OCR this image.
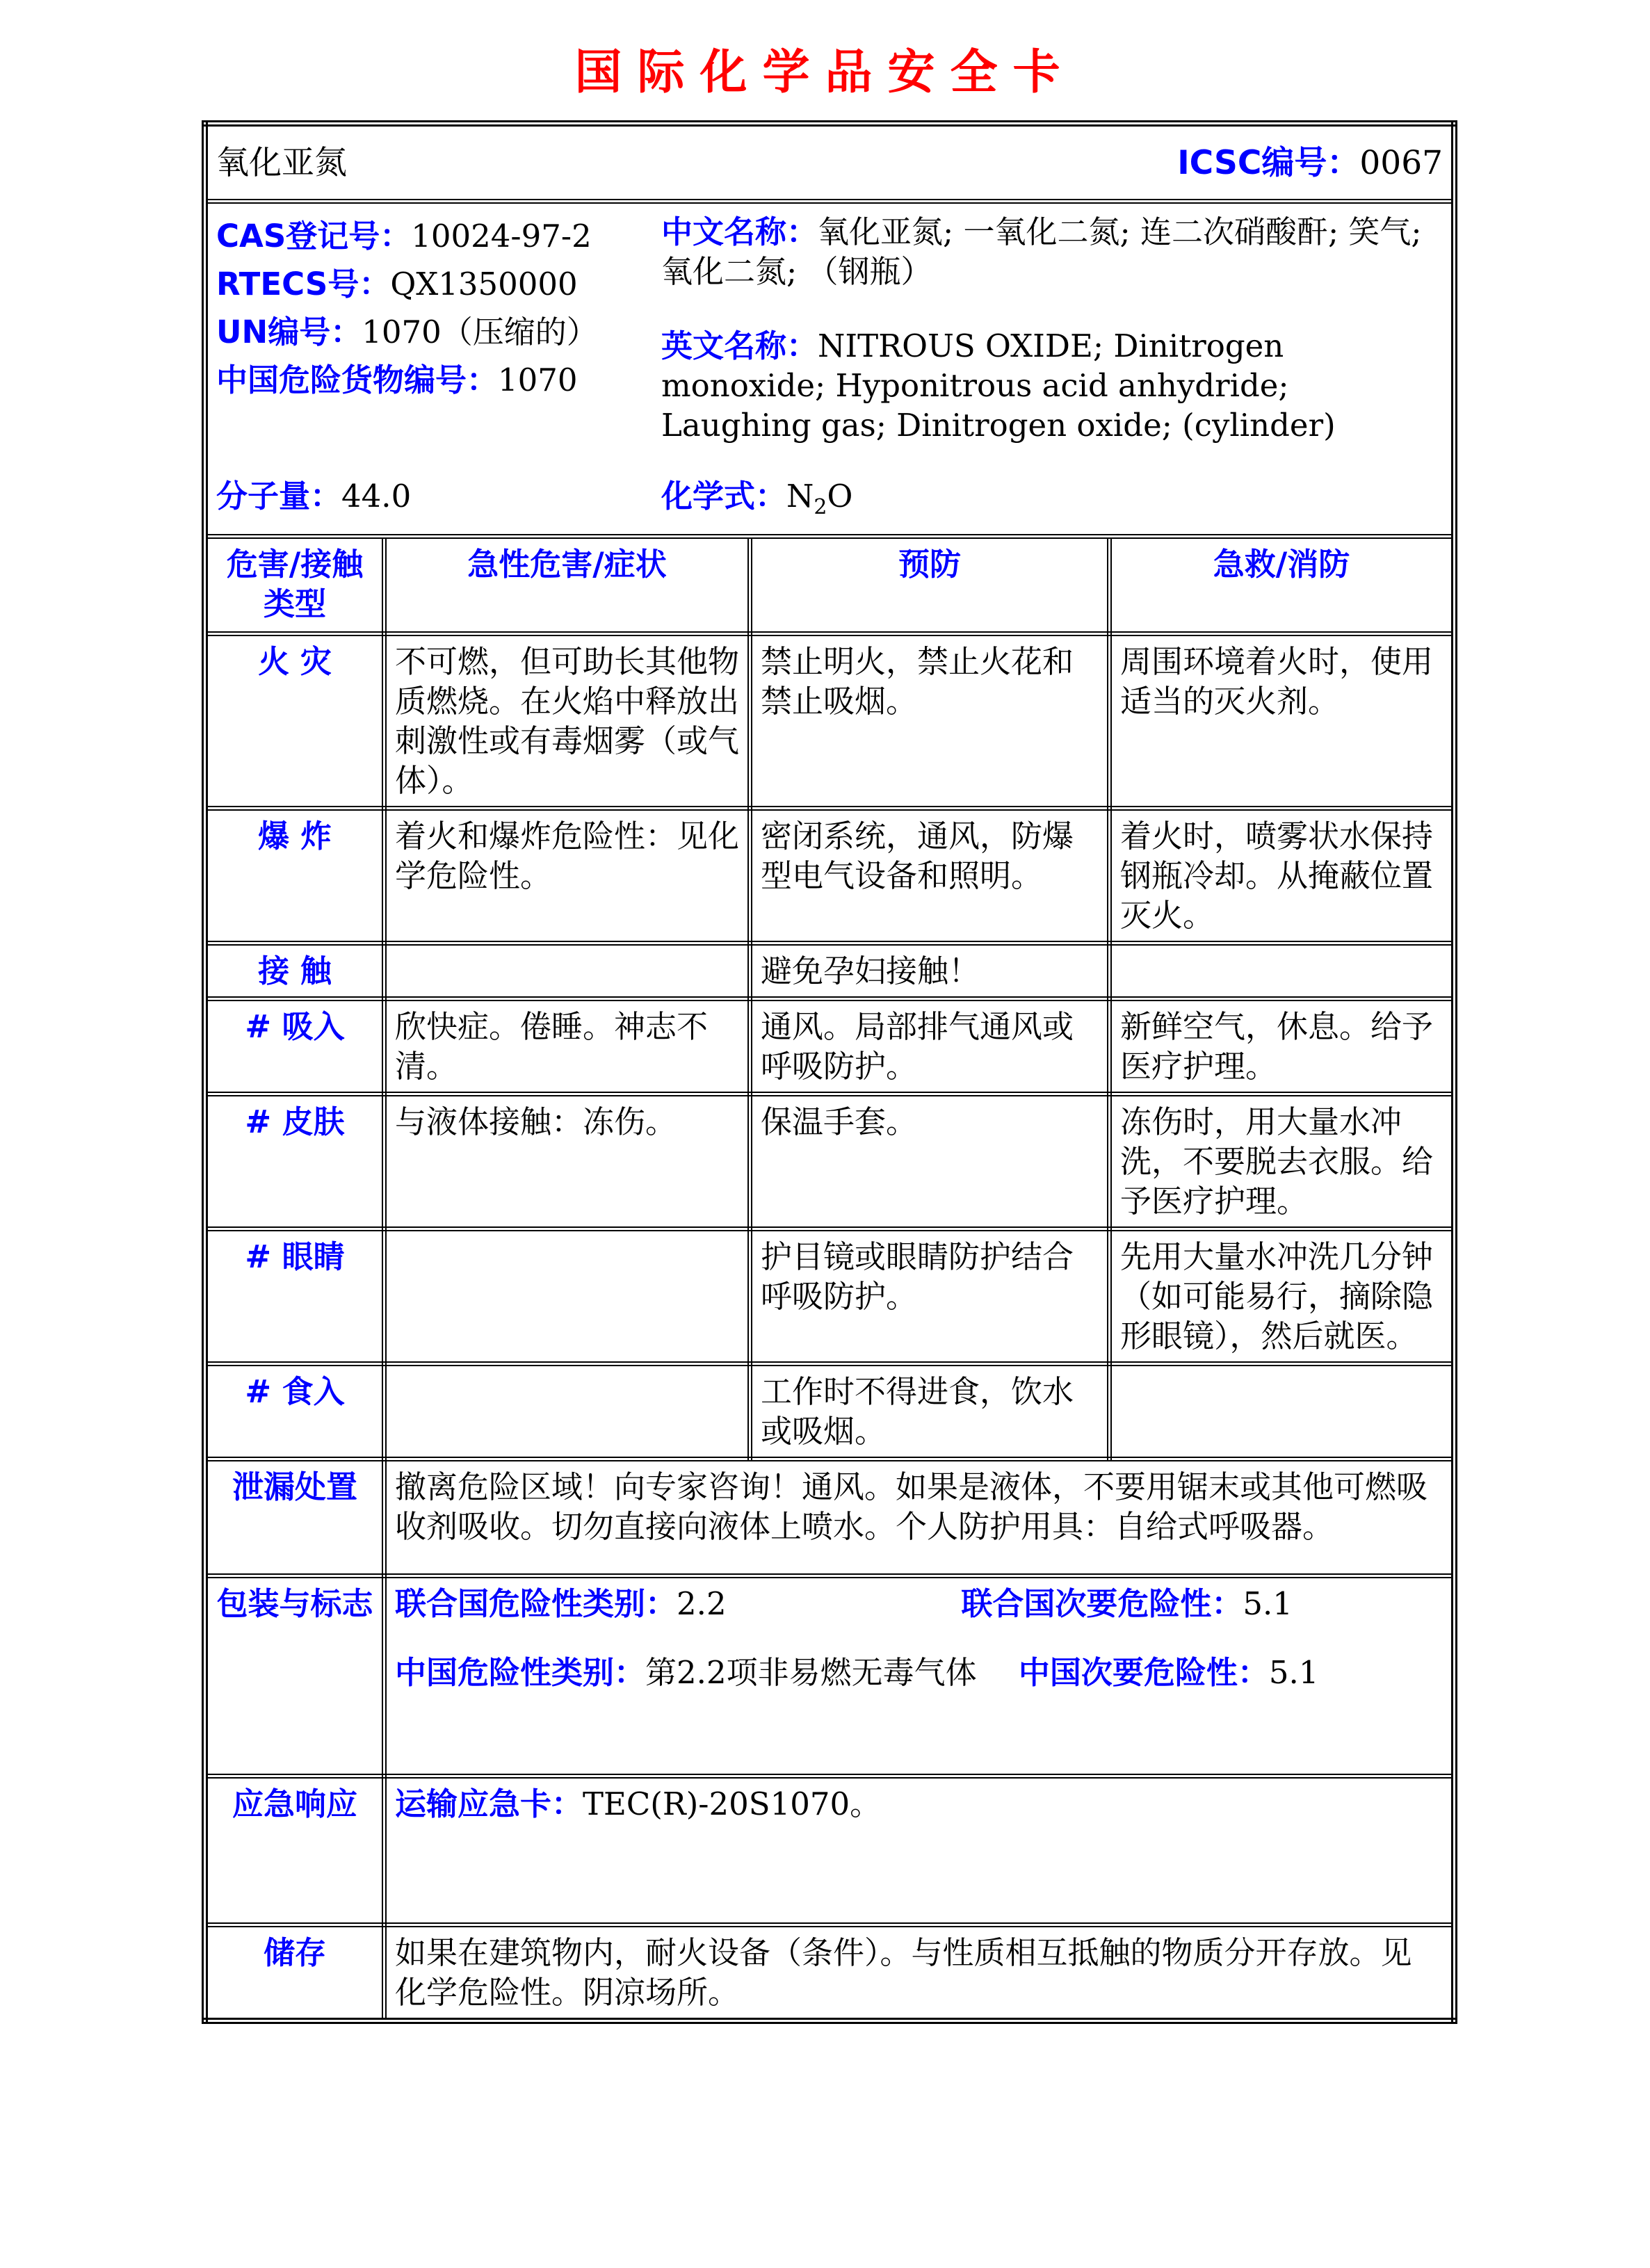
国际化学品安全卡
氧化亚氮 ICSC编号：0067			

CAS登记号：10024-97-2
RTECS号：QX1350000
UN编号：1070（压缩的）
中国危险货物编号：1070

中文名称：氧化亚氮; 一氧化二氮; 连二次硝酸酐; 笑气; 氧化二氮; （钢瓶）

英文名称：NITROUS OXIDE; Dinitrogen monoxide; Hyponitrous acid anhydride; Laughing gas; Dinitrogen oxide; (cylinder)

分子量：44.0	化学式：$N_2O$

危害/接触
类型	急性危害/症状	预防	急救/消防
火 灾	不可燃，但可助长其他物质燃烧。在火焰中释放出刺激性或有毒烟雾（或气体）。	禁止明火，禁止火花和禁止吸烟。	周围环境着火时，使用适当的灭火剂。
爆 炸	着火和爆炸危险性：见化学危险性。	密闭系统，通风，防爆型电气设备和照明。	着火时，喷雾状水保持钢瓶冷却。从掩蔽位置灭火。
接 触		避免孕妇接触！	
# 吸入	欣快症。倦睡。神志不清。	通风。局部排气通风或呼吸防护。	新鲜空气，休息。给予医疗护理。
# 皮肤	与液体接触：冻伤。	保温手套。	冻伤时，用大量水冲洗，不要脱去衣服。给予医疗护理。
# 眼睛		护目镜或眼睛防护结合呼吸防护。	先用大量水冲洗几分钟（如可能易行，摘除隐形眼镜），然后就医。
# 食入		工作时不得进食，饮水或吸烟。	
泄漏处置	撤离危险区域！向专家咨询！通风。如果是液体，不要用锯末或其他可燃吸收剂吸收。切勿直接向液体上喷水。个人防护用具：自给式呼吸器。		
包装与标志	联合国危险性类别：2.2 联合国次要危险性：5.1
中国危险性类别：第2.2项非易燃无毒气体 中国次要危险性：5.1		

应急响应	运输应急卡：TEC(R)-20S1070。		
储存	如果在建筑物内，耐火设备（条件）。与性质相互抵触的物质分开存放。见化学危险性。阴凉场所。		
